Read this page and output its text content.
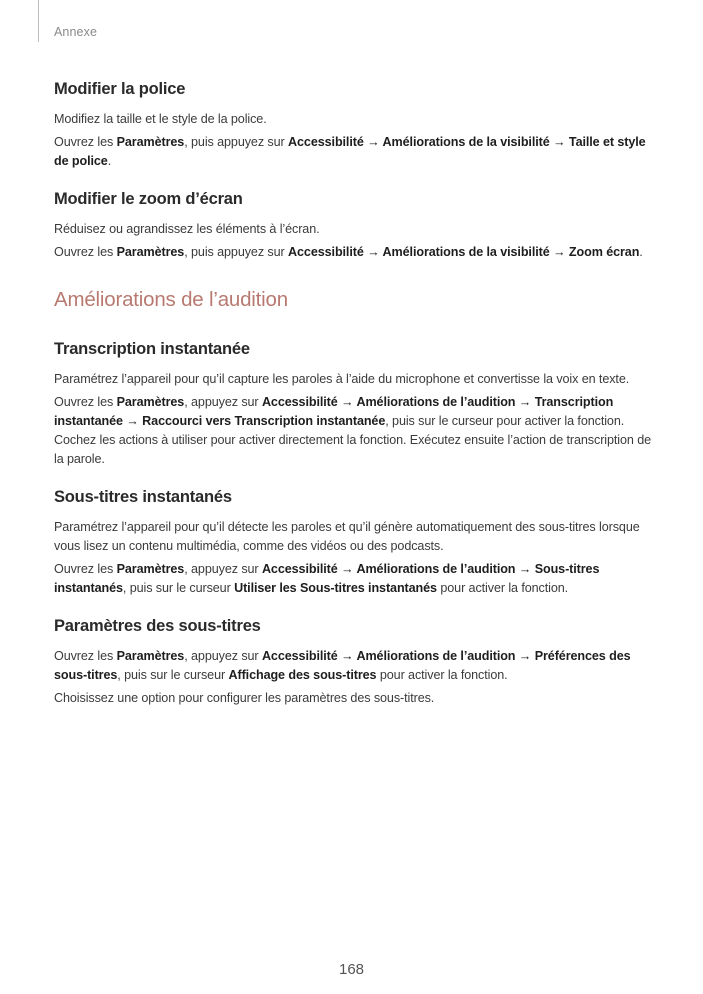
Annexe
Modifier la police

Modifiez la taille et le style de la police.

Ouvrez les Paramètres, puis appuyez sur Accessibilité → Améliorations de la visibilité → Taille et style de police.

Modifier le zoom d’écran

Réduisez ou agrandissez les éléments à l’écran.

Ouvrez les Paramètres, puis appuyez sur Accessibilité → Améliorations de la visibilité → Zoom écran.

Améliorations de l’audition
Transcription instantanée

Paramétrez l’appareil pour qu’il capture les paroles à l’aide du microphone et convertisse la voix en texte.

Ouvrez les Paramètres, appuyez sur Accessibilité → Améliorations de l’audition → Transcription instantanée → Raccourci vers Transcription instantanée, puis sur le curseur pour activer la fonction. Cochez les actions à utiliser pour activer directement la fonction. Exécutez ensuite l’action de transcription de la parole.

Sous-titres instantanés

Paramétrez l’appareil pour qu’il détecte les paroles et qu’il génère automatiquement des sous-titres lorsque vous lisez un contenu multimédia, comme des vidéos ou des podcasts.

Ouvrez les Paramètres, appuyez sur Accessibilité → Améliorations de l’audition → Sous-titres instantanés, puis sur le curseur Utiliser les Sous-titres instantanés pour activer la fonction.

Paramètres des sous-titres

Ouvrez les Paramètres, appuyez sur Accessibilité → Améliorations de l’audition → Préférences des sous-titres, puis sur le curseur Affichage des sous-titres pour activer la fonction.

Choisissez une option pour configurer les paramètres des sous-titres.

168
